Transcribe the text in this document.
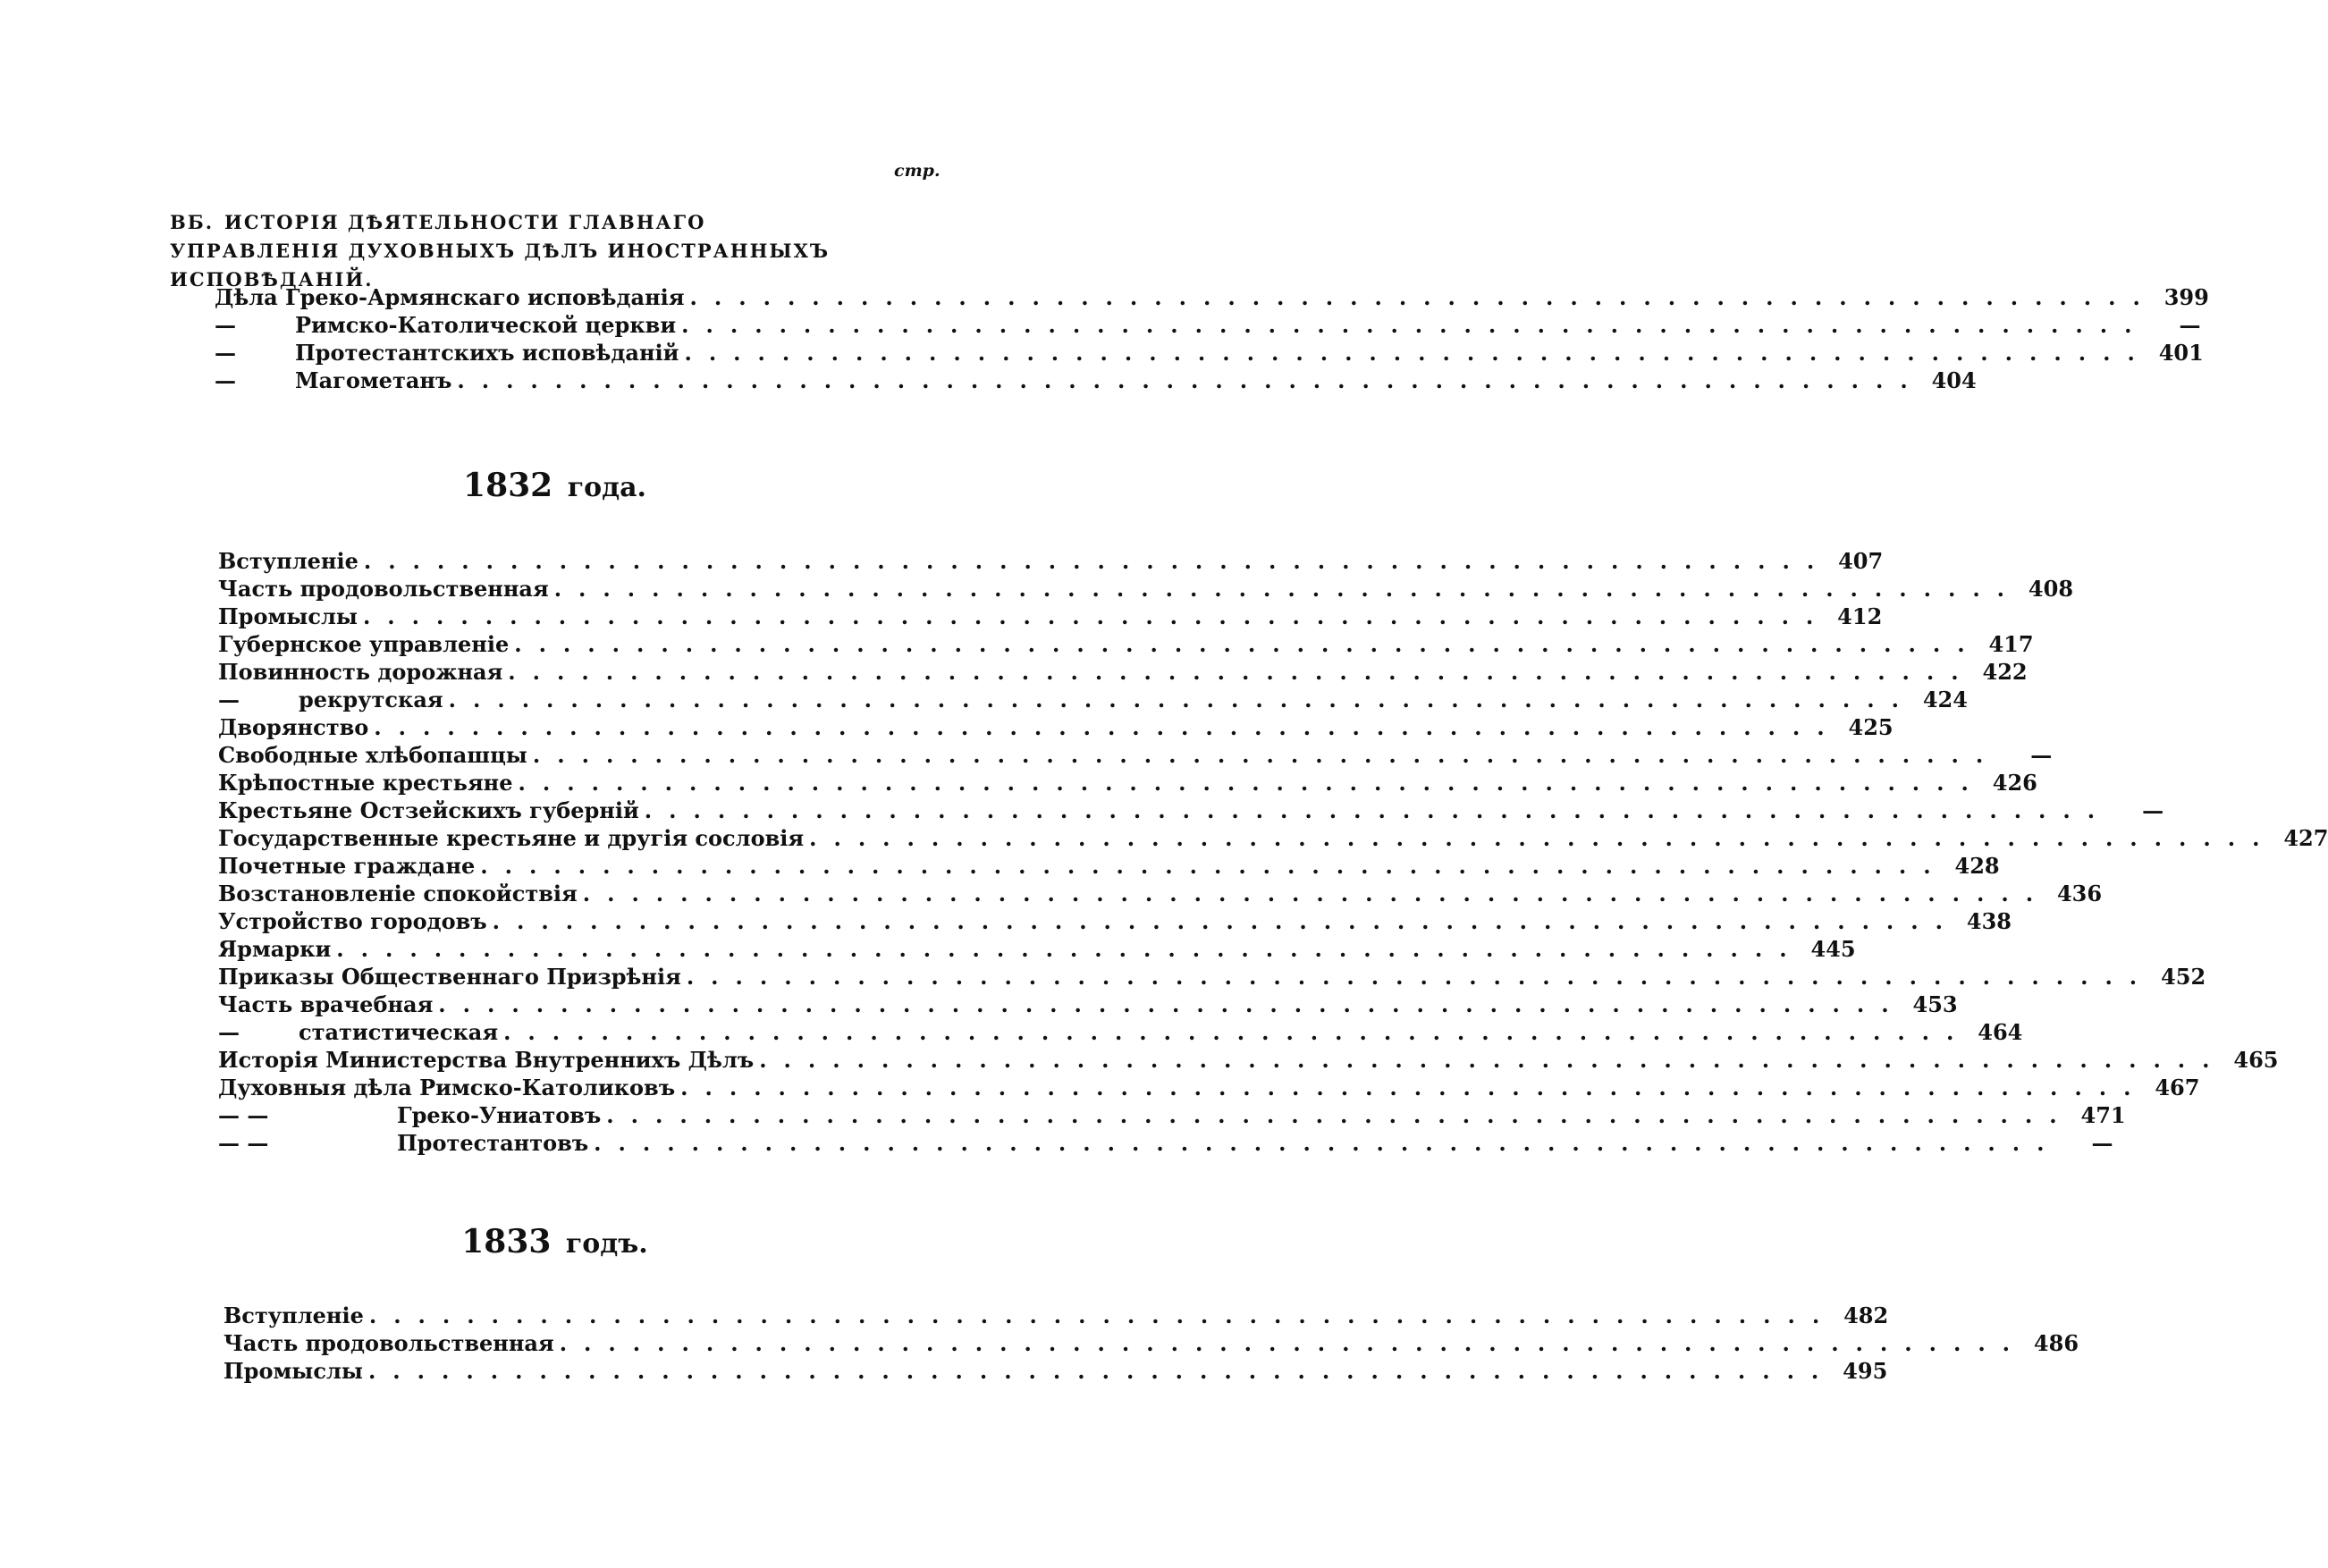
стр.
ВБ. ИСТОРІЯ ДѢЯТЕЛЬНОСТИ ГЛАВНАГО УПРАВЛЕНІЯ ДУХОВНЫХЪ ДѢЛЪ ИНОСТРАННЫХЪ ИСПОВѢДАНІЙ.
Дѣла Греко-Армянскаго исповѣданія ............................................................ 399
—	Римско-Католической церкви ............................................................	—
—	Протестантскихъ исповѣданій ............................................................ 401
—	Магометанъ ............................................................ 404
1832 года.
Вступленіе ............................................................ 407
Часть продовольственная ............................................................ 408
Промыслы ............................................................ 412
Губернское управленіе ............................................................ 417
Повинность дорожная ............................................................ 422
—	рекрутская ............................................................ 424
Дворянство ............................................................ 425
Свободные хлѣбопашцы ............................................................	—
Крѣпостные крестьяне ............................................................ 426
Крестьяне Остзейскихъ губерній ............................................................	—
Государственные крестьяне и другія сословія ............................................................ 427
Почетные граждане ............................................................ 428
Возстановленіе спокойствія ............................................................ 436
Устройство городовъ ............................................................ 438
Ярмарки ............................................................ 445
Приказы Общественнаго Призрѣнія ............................................................ 452
Часть врачебная ............................................................ 453
—	статистическая ............................................................ 464
Исторія Министерства Внутреннихъ Дѣлъ ............................................................ 465
Духовныя дѣла Римско-Католиковъ ............................................................ 467
— —	Греко-Униатовъ ............................................................ 471
— —	Протестантовъ ............................................................	—
1833 годъ.
Вступленіе ............................................................ 482
Часть продовольственная ............................................................ 486
Промыслы ............................................................ 495
